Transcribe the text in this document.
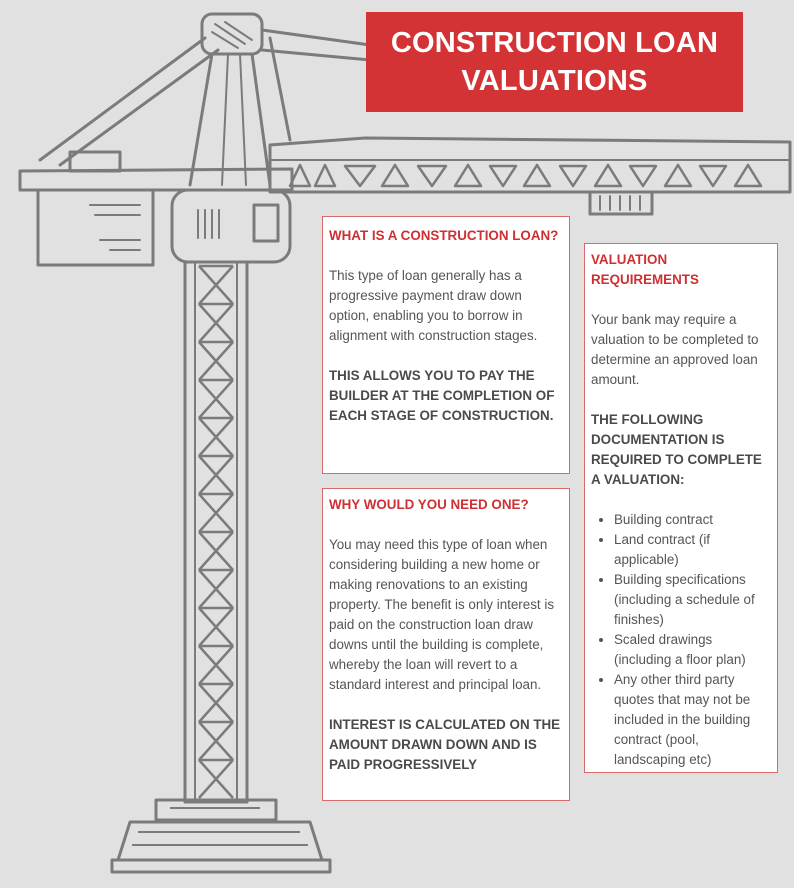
CONSTRUCTION LOAN
VALUATIONS
WHAT IS A CONSTRUCTION LOAN?

This type of loan generally has a progressive payment draw down option, enabling you to borrow in alignment with construction stages.

THIS ALLOWS YOU TO PAY THE BUILDER AT THE COMPLETION OF EACH STAGE OF CONSTRUCTION.

WHY WOULD YOU NEED ONE?

You may need this type of loan when considering building a new home or making renovations to an existing property. The benefit is only interest is paid on the construction loan draw downs until the building is complete, whereby the loan will revert to a standard interest and principal loan.

INTEREST IS CALCULATED ON THE AMOUNT DRAWN DOWN AND IS PAID PROGRESSIVELY

VALUATION REQUIREMENTS

Your bank may require a valuation to be completed to determine an approved loan amount.

THE FOLLOWING DOCUMENTATION IS REQUIRED TO COMPLETE A VALUATION:

• Building contract
• Land contract (if applicable)
• Building specifications (including a schedule of finishes)
• Scaled drawings (including a floor plan)
• Any other third party quotes that may not be included in the building contract (pool, landscaping etc)
